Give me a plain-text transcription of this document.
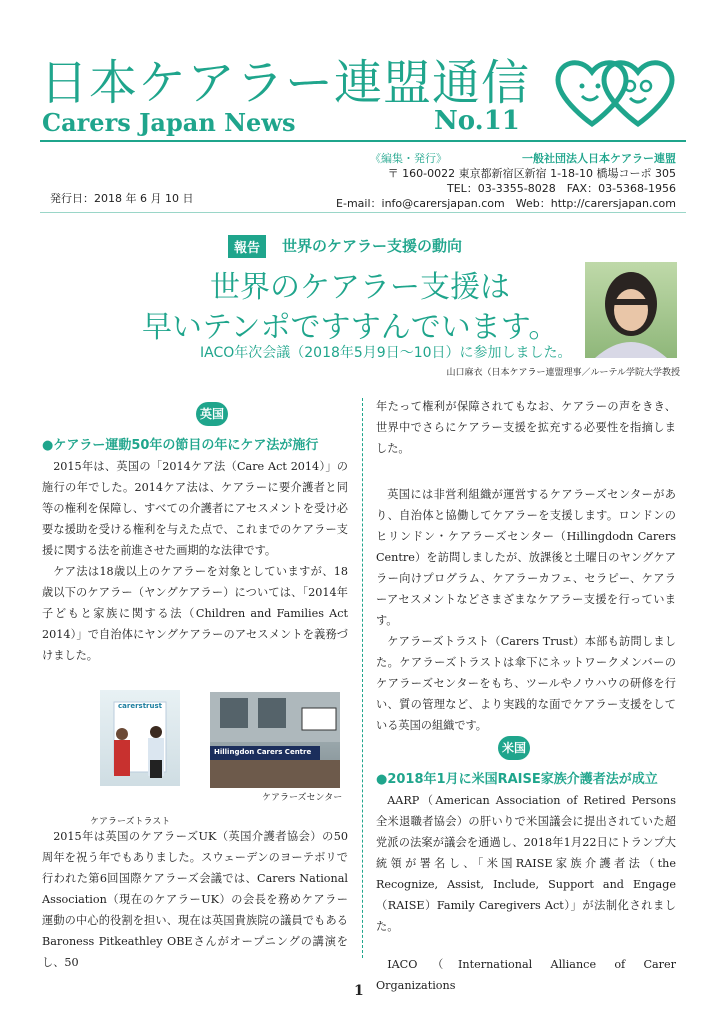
日本ケアラー連盟通信
Carers Japan News	No.11
《編集・発行》	一般社団法人日本ケアラー連盟
〒 160-0022 東京都新宿区新宿 1-18-10 橋場コーポ 305
TEL：03-3355-8028　FAX：03-5368-1956
E-mail：info@carersjapan.com　Web：http://carersjapan.com
発行日：2018 年 6 月 10 日
報告	世界のケアラー支援の動向
世界のケアラー支援は
早いテンポですすんでいます。
IACO年次会議（2018年5月9日～10日）に参加しました。
山口麻衣（日本ケアラー連盟理事／ルーテル学院大学教授
英国
●ケアラー運動50年の節目の年にケア法が施行

2015年は、英国の「2014ケア法（Care Act 2014）」の施行の年でした。2014ケア法は、ケアラーに要介護者と同等の権利を保障し、すべての介護者にアセスメントを受け必要な援助を受ける権利を与えた点で、これまでのケアラー支援に関する法を前進させた画期的な法律です。

ケア法は18歳以上のケアラーを対象としていますが、18歳以下のケアラー（ヤングケアラー）については、「2014年子どもと家族に関する法（Children and Families Act 2014）」で自治体にヤングケアラーのアセスメントを義務づけました。

carerstrust
ケアラーズトラスト
Hillingdon Carers Centre
ケアラーズセンター

2015年は英国のケアラーズUK（英国介護者協会）の50周年を祝う年でもありました。スウェーデンのヨーテボリで行われた第6回国際ケアラーズ会議では、Carers National Association（現在のケアラーUK）の会長を務めケアラー運動の中心的役割を担い、現在は英国貴族院の議員でもあるBaroness Pitkeathley OBEさんがオープニングの講演をし、50

年たって権利が保障されてもなお、ケアラーの声をきき、世界中でさらにケアラー支援を拡充する必要性を指摘しました。

英国には非営利組織が運営するケアラーズセンターがあり、自治体と協働してケアラーを支援します。ロンドンのヒリンドン・ケアラーズセンター（Hillingdodn Carers Centre）を訪問しましたが、放課後と土曜日のヤングケアラー向けプログラム、ケアラーカフェ、セラピー、ケアラーアセスメントなどさまざまなケアラー支援を行っています。

ケアラーズトラスト（Carers Trust）本部も訪問しました。ケアラーズトラストは傘下にネットワークメンバーのケアラーズセンターをもち、ツールやノウハウの研修を行い、質の管理など、より実践的な面でケアラー支援をしている英国の組織です。

米国
●2018年1月に米国RAISE家族介護者法が成立

AARP（American Association of Retired Persons 全米退職者協会）の肝いりで米国議会に提出されていた超党派の法案が議会を通過し、2018年1月22日にトランプ大統領が署名し、「米国RAISE家族介護者法（the Recognize, Assist, Include, Support and Engage（RAISE）Family Caregivers Act）」が法制化されました。

IACO（International Alliance of Carer Organizations

1
